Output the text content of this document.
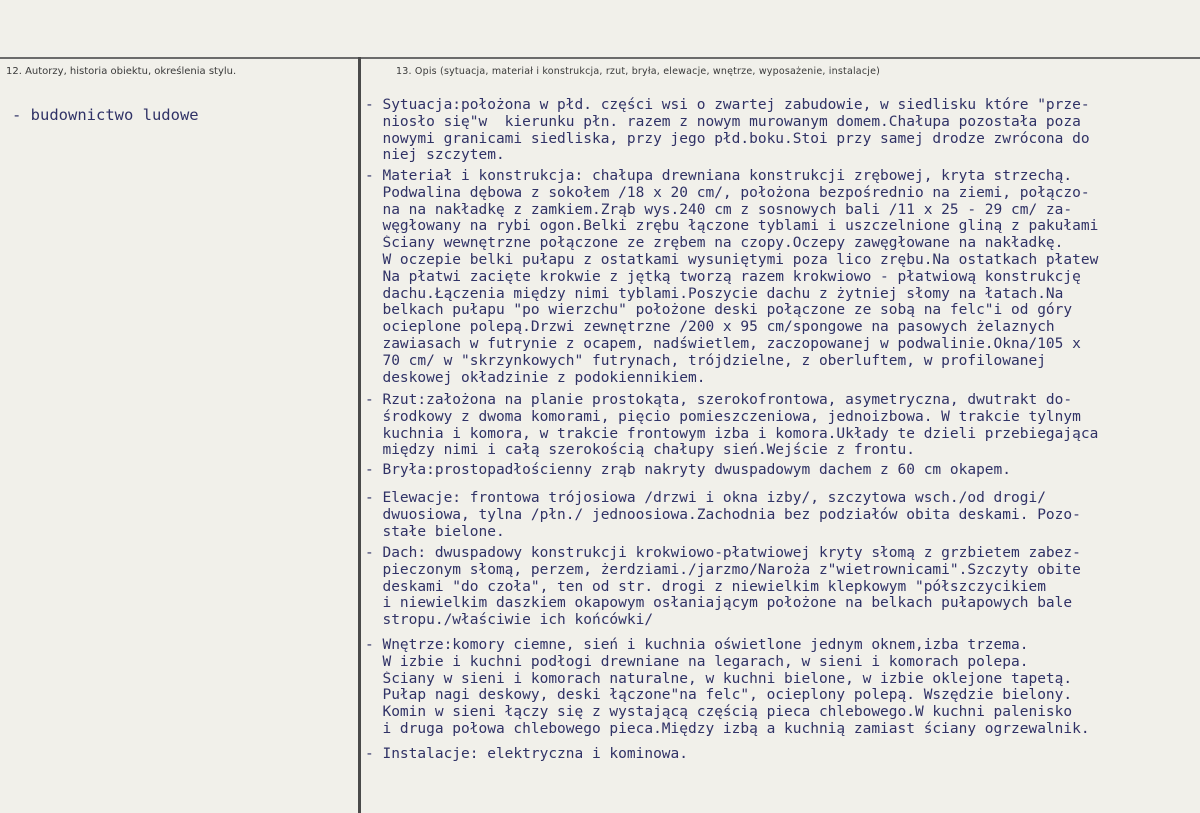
12. Autorzy, historia obiektu, określenia stylu.	13. Opis (sytuacja, materiał i konstrukcja, rzut, bryła, elewacje, wnętrze, wyposażenie, instalacje)
- budownictwo ludowe
- Sytuacja:położona w płd. części wsi o zwartej zabudowie, w siedlisku które "prze-
niosło się"w  kierunku płn. razem z nowym murowanym domem.Chałupa pozostała poza
nowymi granicami siedliska, przy jego płd.boku.Stoi przy samej drodze zwrócona do
niej szczytem.
- Materiał i konstrukcja: chałupa drewniana konstrukcji zrębowej, kryta strzechą.
Podwalina dębowa z sokołem /18 x 20 cm/, położona bezpośrednio na ziemi, połączo-
na na nakładkę z zamkiem.Zrąb wys.240 cm z sosnowych bali /11 x 25 - 29 cm/ za-
węgłowany na rybi ogon.Belki zrębu łączone tyblami i uszczelnione gliną z pakułami
Ściany wewnętrzne połączone ze zrębem na czopy.Oczepy zawęgłowane na nakładkę.
W oczepie belki pułapu z ostatkami wysuniętymi poza lico zrębu.Na ostatkach płatew
Na płatwi zacięte krokwie z jętką tworzą razem krokwiowo - płatwiową konstrukcję
dachu.Łączenia między nimi tyblami.Poszycie dachu z żytniej słomy na łatach.Na
belkach pułapu "po wierzchu" położone deski połączone ze sobą na felc"i od góry
ocieplone polepą.Drzwi zewnętrzne /200 x 95 cm/spongowe na pasowych żelaznych
zawiasach w futrynie z ocapem, nadświetlem, zaczopowanej w podwalinie.Okna/105 x
70 cm/ w "skrzynkowych" futrynach, trójdzielne, z oberluftem, w profilowanej
deskowej okładzinie z podokiennikiem.
- Rzut:założona na planie prostokąta, szerokofrontowa, asymetryczna, dwutrakt do-
środkowy z dwoma komorami, pięcio pomieszczeniowa, jednoizbowa. W trakcie tylnym
kuchnia i komora, w trakcie frontowym izba i komora.Układy te dzieli przebiegająca
między nimi i całą szerokością chałupy sień.Wejście z frontu.
- Bryła:prostopadłościenny zrąb nakryty dwuspadowym dachem z 60 cm okapem.
- Elewacje: frontowa trójosiowa /drzwi i okna izby/, szczytowa wsch./od drogi/
dwuosiowa, tylna /płn./ jednoosiowa.Zachodnia bez podziałów obita deskami. Pozo-
stałe bielone.
- Dach: dwuspadowy konstrukcji krokwiowo-płatwiowej kryty słomą z grzbietem zabez-
pieczonym słomą, perzem, żerdziami./jarzmo/Naroża z"wietrownicami".Szczyty obite
deskami "do czoła", ten od str. drogi z niewielkim klepkowym "półszczycikiem
i niewielkim daszkiem okapowym osłaniającym położone na belkach pułapowych bale
stropu./właściwie ich końcówki/
- Wnętrze:komory ciemne, sień i kuchnia oświetlone jednym oknem,izba trzema.
W izbie i kuchni podłogi drewniane na legarach, w sieni i komorach polepa.
Ściany w sieni i komorach naturalne, w kuchni bielone, w izbie oklejone tapetą.
Pułap nagi deskowy, deski łączone"na felc", ocieplony polepą. Wszędzie bielony.
Komin w sieni łączy się z wystającą częścią pieca chlebowego.W kuchni palenisko
i druga połowa chlebowego pieca.Między izbą a kuchnią zamiast ściany ogrzewalnik.
- Instalacje: elektryczna i kominowa.
